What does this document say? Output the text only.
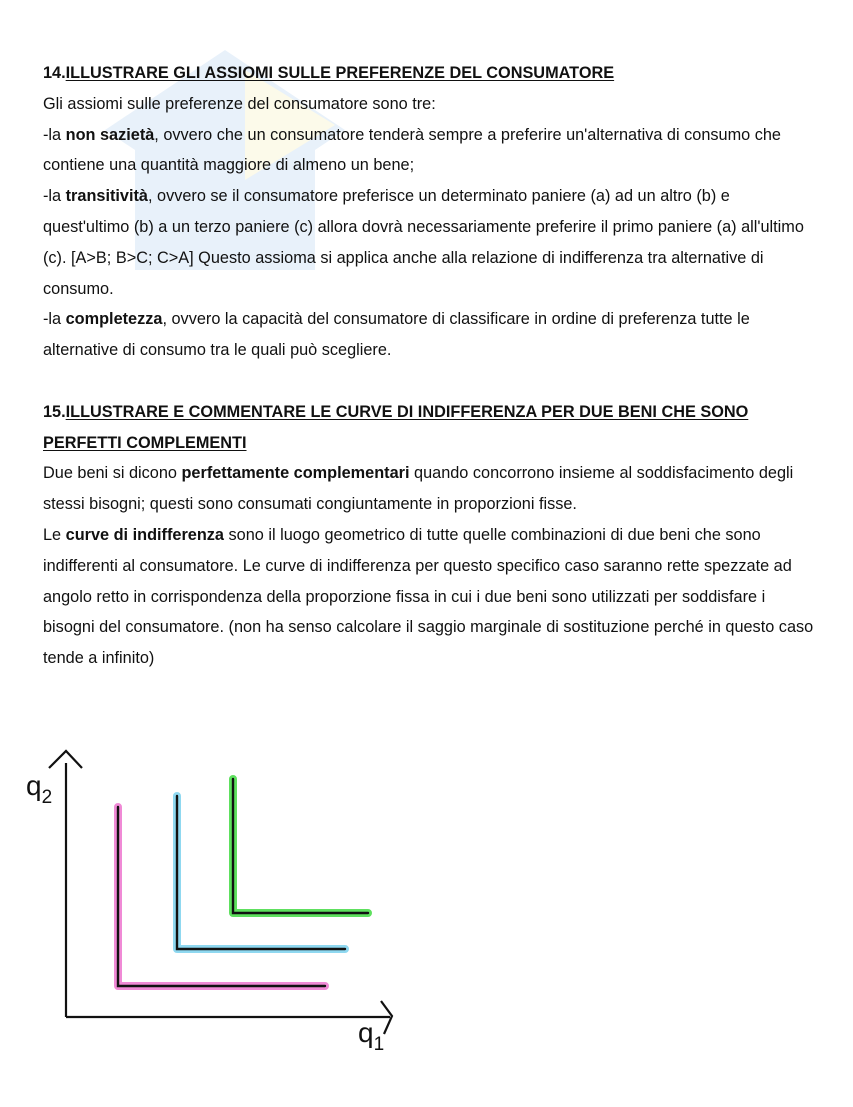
14.ILLUSTRARE GLI ASSIOMI SULLE PREFERENZE DEL CONSUMATORE

Gli assiomi sulle preferenze del consumatore sono tre:

-la non sazietà, ovvero che un consumatore tenderà sempre a preferire un'alternativa di consumo che contiene una quantità maggiore di almeno un bene;

-la transitività, ovvero se il consumatore preferisce un determinato paniere (a) ad un altro (b) e quest'ultimo (b) a un terzo paniere (c) allora dovrà necessariamente preferire il primo paniere (a) all'ultimo (c). [A>B; B>C; C>A] Questo assioma si applica anche alla relazione di indifferenza tra alternative di consumo.

-la completezza, ovvero la capacità del consumatore di classificare in ordine di preferenza tutte le alternative di consumo tra le quali può scegliere.

15.ILLUSTRARE E COMMENTARE LE CURVE DI INDIFFERENZA PER DUE BENI CHE SONO PERFETTI COMPLEMENTI

Due beni si dicono perfettamente complementari quando concorrono insieme al soddisfacimento degli stessi bisogni; questi sono consumati congiuntamente in proporzioni fisse.

Le curve di indifferenza sono il luogo geometrico di tutte quelle combinazioni di due beni che sono indifferenti al consumatore. Le curve di indifferenza per questo specifico caso saranno rette spezzate ad angolo retto in corrispondenza della proporzione fissa in cui i due beni sono utilizzati per soddisfare i bisogni del consumatore. (non ha senso calcolare il saggio marginale di sostituzione perché in questo caso tende a infinito)

$q_2$
$q_1$
